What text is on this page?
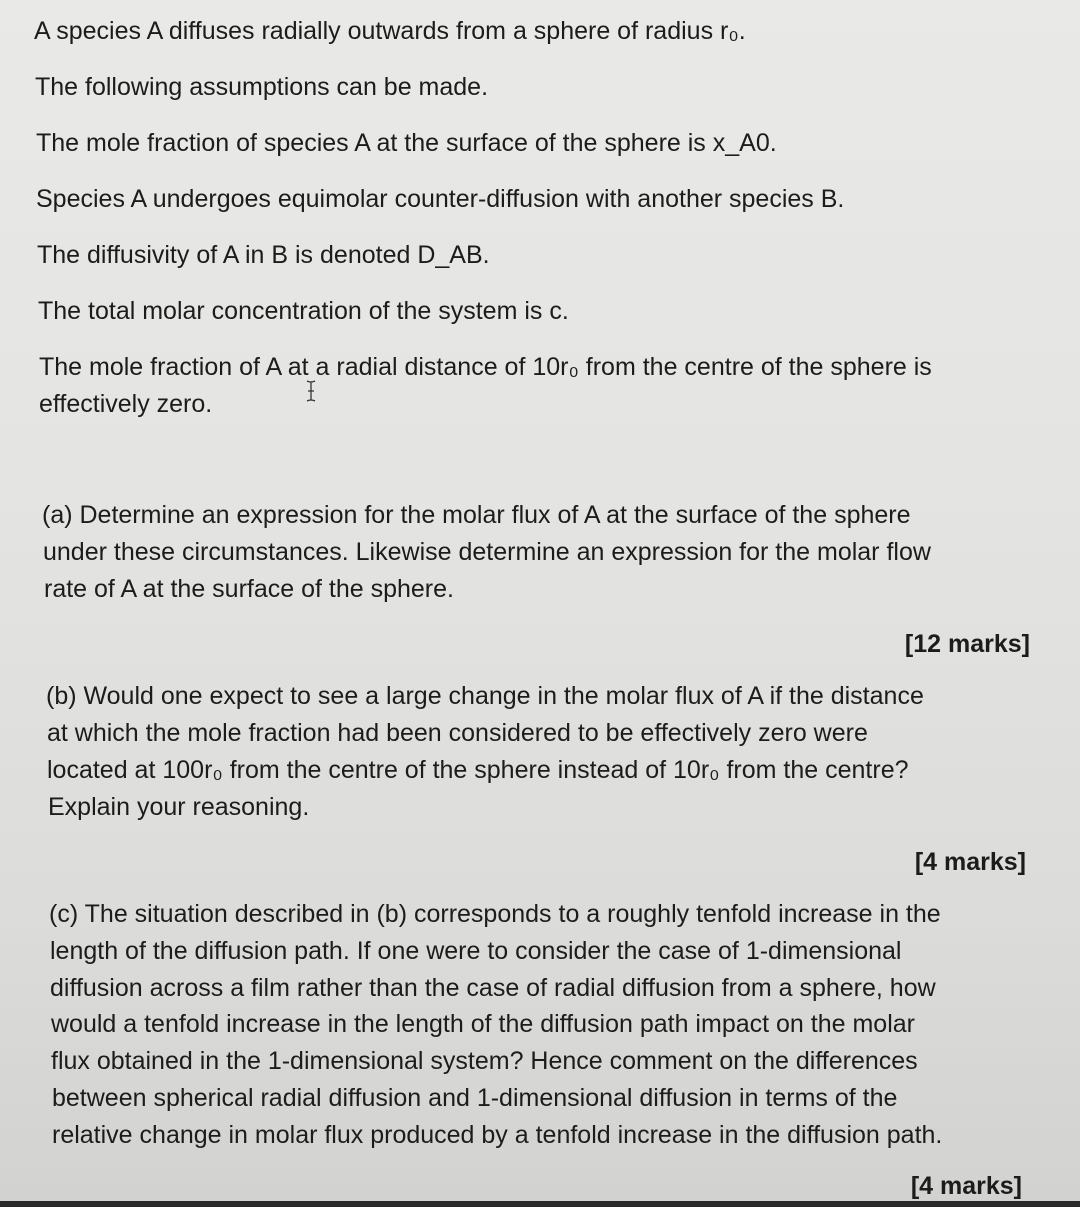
A species A diffuses radially outwards from a sphere of radius r₀.
The following assumptions can be made.
The mole fraction of species A at the surface of the sphere is x_A0.
Species A undergoes equimolar counter-diffusion with another species B.
The diffusivity of A in B is denoted D_AB.
The total molar concentration of the system is c.
The mole fraction of A at a radial distance of 10r₀ from the centre of the sphere is
effectively zero.
(a) Determine an expression for the molar flux of A at the surface of the sphere
under these circumstances. Likewise determine an expression for the molar flow
rate of A at the surface of the sphere.
[12 marks]
(b) Would one expect to see a large change in the molar flux of A if the distance
at which the mole fraction had been considered to be effectively zero were
located at 100r₀ from the centre of the sphere instead of 10r₀ from the centre?
Explain your reasoning.
[4 marks]
(c) The situation described in (b) corresponds to a roughly tenfold increase in the
length of the diffusion path. If one were to consider the case of 1-dimensional
diffusion across a film rather than the case of radial diffusion from a sphere, how
would a tenfold increase in the length of the diffusion path impact on the molar
flux obtained in the 1-dimensional system? Hence comment on the differences
between spherical radial diffusion and 1-dimensional diffusion in terms of the
relative change in molar flux produced by a tenfold increase in the diffusion path.
[4 marks]
